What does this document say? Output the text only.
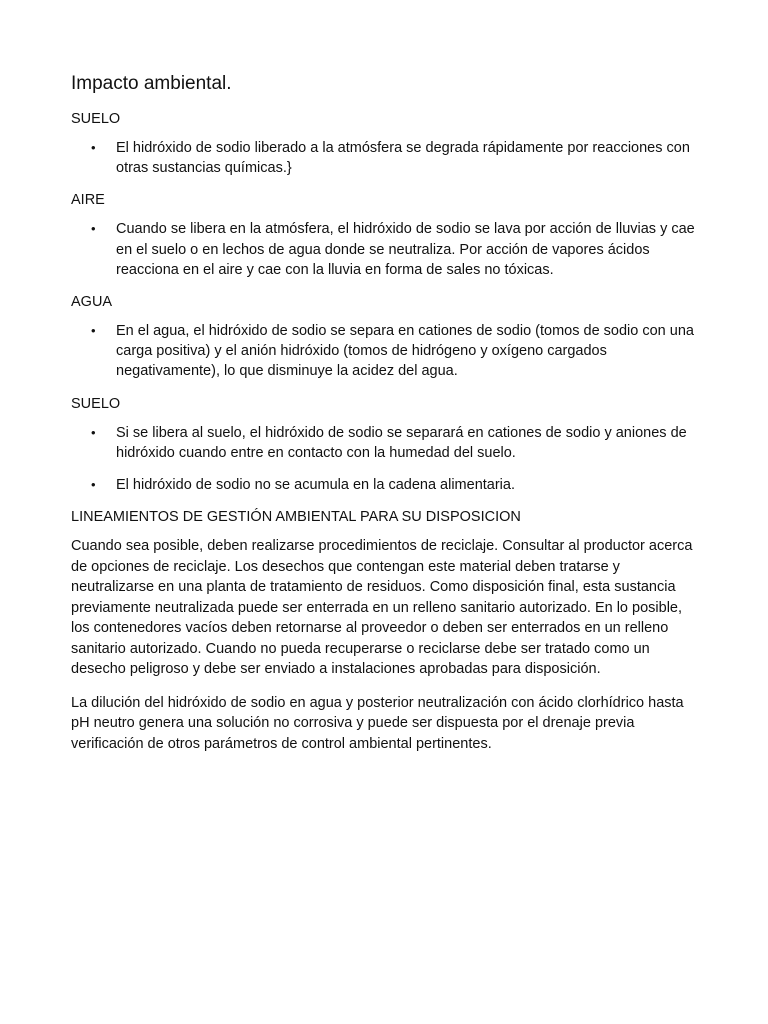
Impacto ambiental.
SUELO
• El hidróxido de sodio liberado a la atmósfera se degrada rápidamente por reacciones con otras sustancias químicas.}
AIRE
• Cuando se libera en la atmósfera, el hidróxido de sodio se lava por acción de lluvias y cae en el suelo o en lechos de agua donde se neutraliza. Por acción de vapores ácidos reacciona en el aire y cae con la lluvia en forma de sales no tóxicas.
AGUA
• En el agua, el hidróxido de sodio se separa en cationes de sodio (tomos de sodio con una carga positiva) y el anión hidróxido (tomos de hidrógeno y oxígeno cargados negativamente), lo que disminuye la acidez del agua.
SUELO
• Si se libera al suelo, el hidróxido de sodio se separará en cationes de sodio y aniones de hidróxido cuando entre en contacto con la humedad del suelo.
• El hidróxido de sodio no se acumula en la cadena alimentaria.
LINEAMIENTOS DE GESTIÓN AMBIENTAL PARA SU DISPOSICION

Cuando sea posible, deben realizarse procedimientos de reciclaje. Consultar al productor acerca de opciones de reciclaje. Los desechos que contengan este material deben tratarse y neutralizarse en una planta de tratamiento de residuos. Como disposición final, esta sustancia previamente neutralizada puede ser enterrada en un relleno sanitario autorizado. En lo posible, los contenedores vacíos deben retornarse al proveedor o deben ser enterrados en un relleno sanitario autorizado. Cuando no pueda recuperarse o reciclarse debe ser tratado como un desecho peligroso y debe ser enviado a instalaciones aprobadas para disposición.

La dilución del hidróxido de sodio en agua y posterior neutralización con ácido clorhídrico hasta pH neutro genera una solución no corrosiva y puede ser dispuesta por el drenaje previa verificación de otros parámetros de control ambiental pertinentes.
